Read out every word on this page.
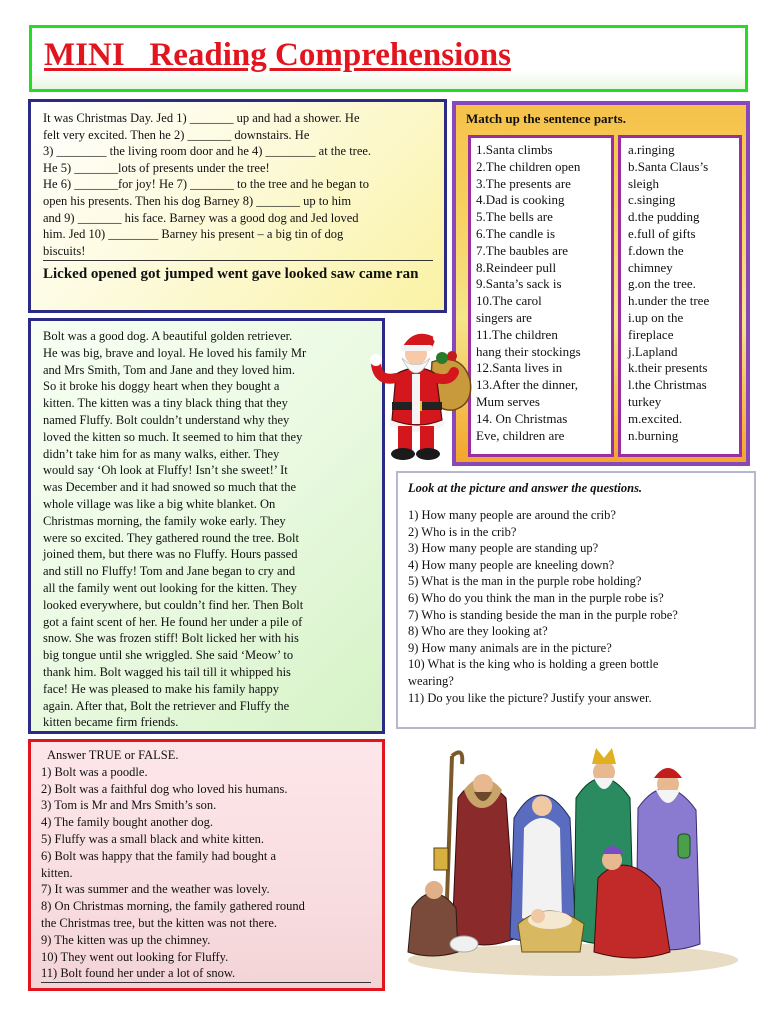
MINI   Reading Comprehensions

It was Christmas Day. Jed 1) _______ up and had a shower. He

felt very excited. Then he 2) _______ downstairs. He

3) ________ the living room door and he 4) ________ at the tree.

He 5) _______lots of presents under the tree!

He 6) _______for joy! He 7) _______ to the tree and he began to

open his presents. Then his dog Barney 8) _______ up to him

and 9) _______ his face. Barney was a good dog and Jed loved

him. Jed 10) ________ Barney his present – a big tin of dog

biscuits!

Licked opened got jumped went gave looked saw came ran
Match up the sentence parts.
1.Santa climbs
2.The children open
3.The presents are
4.Dad is cooking
5.The bells are
6.The candle is
7.The baubles are
8.Reindeer pull
9.Santa’s sack is
10.The carol
singers are
11.The children
hang their stockings
12.Santa lives in
13.After the dinner,
Mum serves
14. On Christmas
Eve, children are
a.ringing
b.Santa Claus’s
sleigh
c.singing
d.the pudding
e.full of gifts
f.down the
chimney
g.on the tree.
h.under the tree
i.up on the
fireplace
j.Lapland
k.their presents
l.the Christmas
turkey
m.excited.
n.burning

Bolt was a good dog. A beautiful golden retriever.

He was big, brave and loyal. He loved his family Mr

and Mrs Smith, Tom and Jane and they loved him.

So it broke his doggy heart when they bought a

kitten. The kitten was a tiny black thing that they

named Fluffy. Bolt couldn’t understand why they

loved the kitten so much. It seemed to him that they

didn’t take him for as many walks, either. They

would say ‘Oh look at Fluffy! Isn’t she sweet!’ It

was December and it had snowed so much that the

whole village was like a big white blanket. On

Christmas morning, the family woke early. They

were so excited. They gathered round the tree. Bolt

joined them, but there was no Fluffy. Hours passed

and still no Fluffy! Tom and Jane began to cry and

all the family went out looking for the kitten. They

looked everywhere, but couldn’t find her. Then Bolt

got a faint scent of her. He found her under a pile of

snow. She was frozen stiff! Bolt licked her with his

big tongue until she wriggled. She said ‘Meow’ to

thank him. Bolt wagged his tail till it whipped his

face! He was pleased to make his family happy

again. After that, Bolt the retriever and Fluffy the

kitten became firm friends.

Look at the picture and answer the questions.
1) How many people are around the crib?
2) Who is in the crib?
3) How many people are standing up?
4) How many people are kneeling down?
5) What is the man in the purple robe holding?
6) Who do you think the man in the purple robe is?
7) Who is standing beside the man in the purple robe?
8) Who are they looking at?
9) How many animals are in the picture?
10) What is the king who is holding a green bottle
wearing?
11) Do you like the picture? Justify your answer.
Answer TRUE or FALSE.
1) Bolt was a poodle.
2) Bolt was a faithful dog who loved his humans.
3) Tom is Mr and Mrs Smith’s son.
4) The family bought another dog.
5) Fluffy was a small black and white kitten.
6) Bolt was happy that the family had bought a
kitten.
7) It was summer and the weather was lovely.
8) On Christmas morning, the family gathered round
the Christmas tree, but the kitten was not there.
9) The kitten was up the chimney.
10) They went out looking for Fluffy.
11) Bolt found her under a lot of snow.
